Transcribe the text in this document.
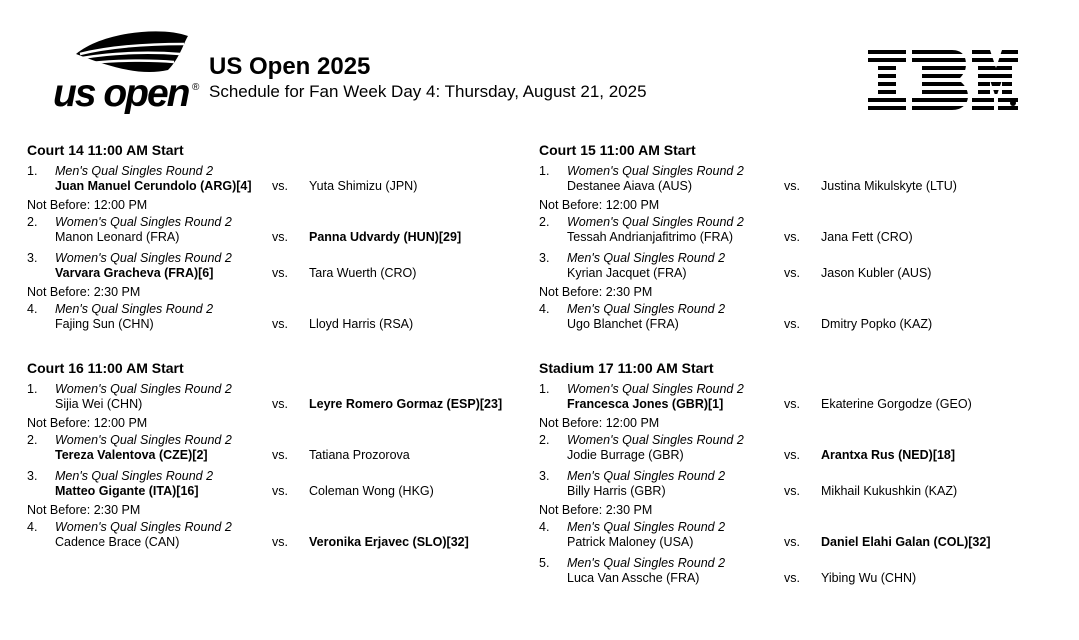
us open ®
US Open 2025
Schedule for Fan Week Day 4: Thursday, August 21, 2025
Court 14 11:00 AM Start
1. Men's Qual Singles Round 2
Juan Manuel Cerundolo (ARG)[4] vs. Yuta Shimizu (JPN)
Not Before: 12:00 PM
2. Women's Qual Singles Round 2
Manon Leonard (FRA)	vs. Panna Udvardy (HUN)[29]
3. Women's Qual Singles Round 2
Varvara Gracheva (FRA)[6]	vs. Tara Wuerth (CRO)
Not Before: 2:30 PM
4. Men's Qual Singles Round 2
Fajing Sun (CHN)	vs. Lloyd Harris (RSA)
Court 15 11:00 AM Start
1. Women's Qual Singles Round 2
Destanee Aiava (AUS)	vs. Justina Mikulskyte (LTU)
Not Before: 12:00 PM
2. Women's Qual Singles Round 2
Tessah Andrianjafitrimo (FRA)	vs. Jana Fett (CRO)
3. Men's Qual Singles Round 2
Kyrian Jacquet (FRA)	vs. Jason Kubler (AUS)
Not Before: 2:30 PM
4. Men's Qual Singles Round 2
Ugo Blanchet (FRA)	vs. Dmitry Popko (KAZ)
Court 16 11:00 AM Start
1. Women's Qual Singles Round 2
Sijia Wei (CHN)	vs. Leyre Romero Gormaz (ESP)[23]
Not Before: 12:00 PM
2. Women's Qual Singles Round 2
Tereza Valentova (CZE)[2]	vs. Tatiana Prozorova
3. Men's Qual Singles Round 2
Matteo Gigante (ITA)[16]	vs. Coleman Wong (HKG)
Not Before: 2:30 PM
4. Women's Qual Singles Round 2
Cadence Brace (CAN)	vs. Veronika Erjavec (SLO)[32]
Stadium 17 11:00 AM Start
1. Women's Qual Singles Round 2
Francesca Jones (GBR)[1]	vs. Ekaterine Gorgodze (GEO)
Not Before: 12:00 PM
2. Women's Qual Singles Round 2
Jodie Burrage (GBR)	vs. Arantxa Rus (NED)[18]
3. Men's Qual Singles Round 2
Billy Harris (GBR)	vs. Mikhail Kukushkin (KAZ)
Not Before: 2:30 PM
4. Men's Qual Singles Round 2
Patrick Maloney (USA)	vs. Daniel Elahi Galan (COL)[32]
5. Men's Qual Singles Round 2
Luca Van Assche (FRA)	vs. Yibing Wu (CHN)
